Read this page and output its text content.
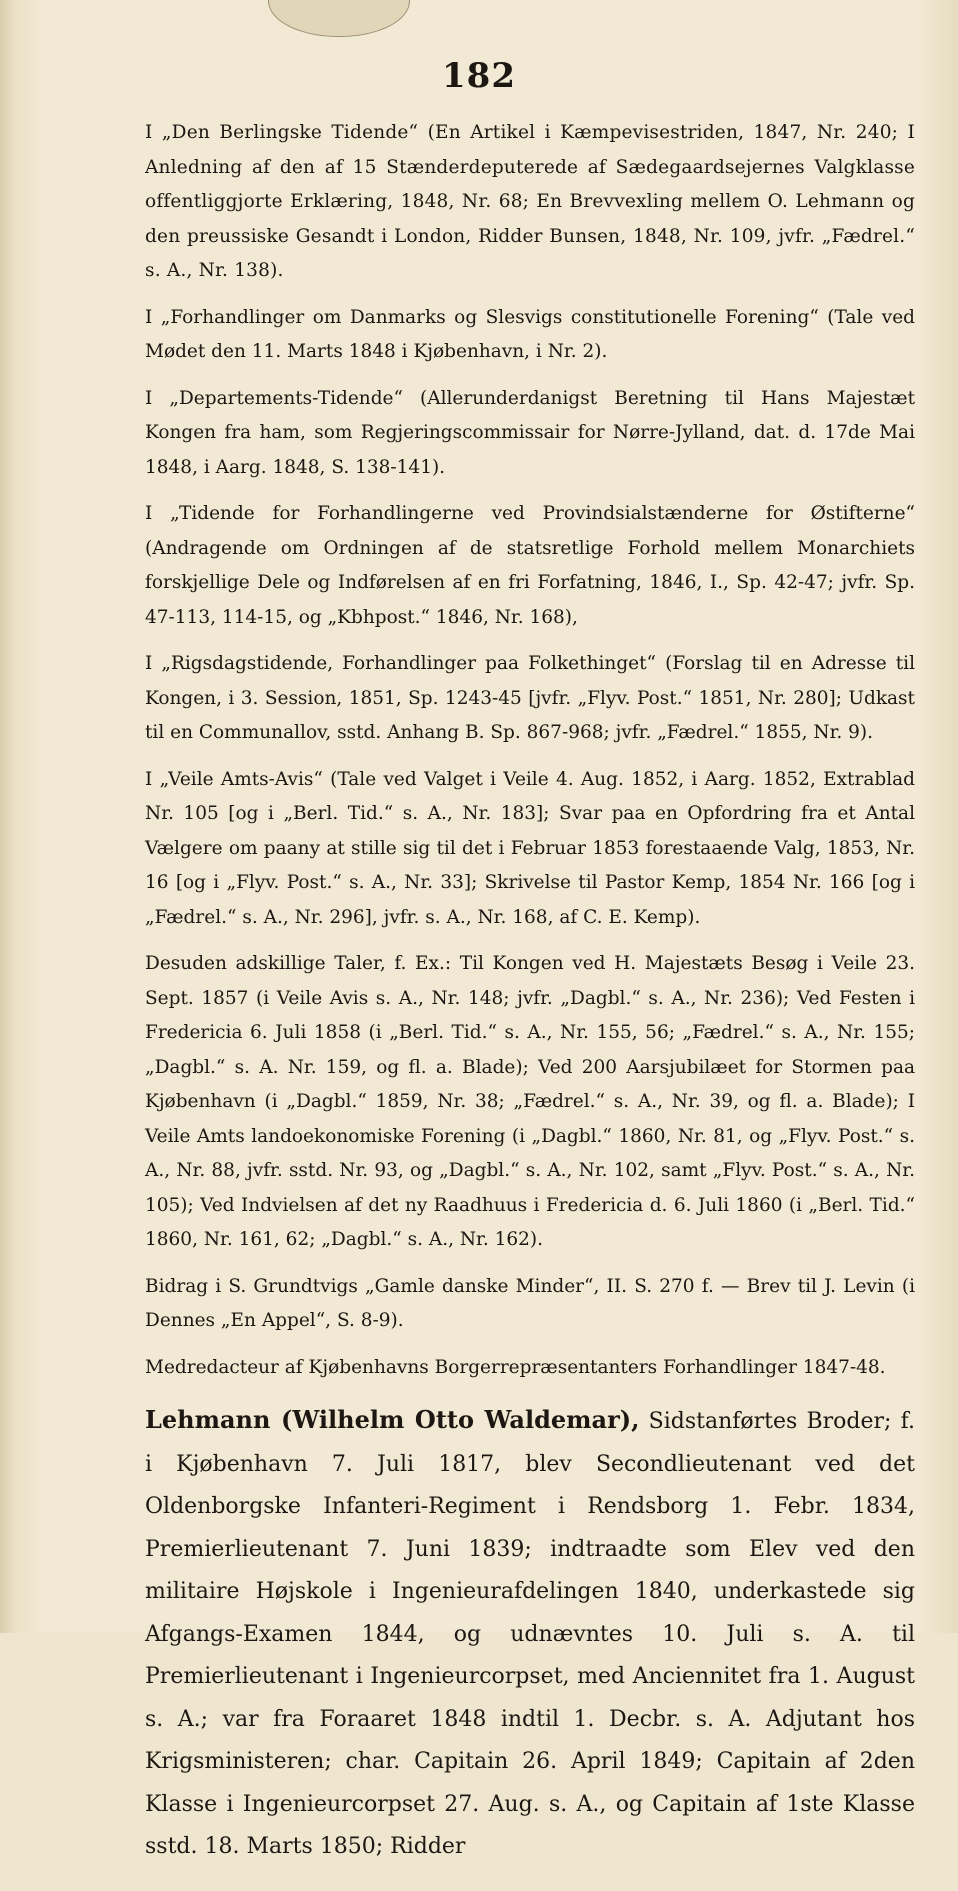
182

I „Den Berlingske Tidende“ (En Artikel i Kæmpevisestriden, 1847, Nr. 240; I Anledning af den af 15 Stænderdeputerede af Sædegaardsejernes Valgklasse offentliggjorte Erklæring, 1848, Nr. 68; En Brevvexling mellem O. Lehmann og den preussiske Gesandt i London, Ridder Bunsen, 1848, Nr. 109, jvfr. „Fædrel.“ s. A., Nr. 138).

I „Forhandlinger om Danmarks og Slesvigs constitutionelle Forening“ (Tale ved Mødet den 11. Marts 1848 i Kjøbenhavn, i Nr. 2).

I „Departements-Tidende“ (Allerunderdanigst Beretning til Hans Majestæt Kongen fra ham, som Regjeringscommissair for Nørre-Jylland, dat. d. 17de Mai 1848, i Aarg. 1848, S. 138-141).

I „Tidende for Forhandlingerne ved Provindsialstænderne for Østifterne“ (Andragende om Ordningen af de statsretlige Forhold mellem Monarchiets forskjellige Dele og Indførelsen af en fri Forfatning, 1846, I., Sp. 42-47; jvfr. Sp. 47-113, 114-15, og „Kbhpost.“ 1846, Nr. 168),

I „Rigsdagstidende, Forhandlinger paa Folkethinget“ (Forslag til en Adresse til Kongen, i 3. Session, 1851, Sp. 1243-45 [jvfr. „Flyv. Post.“ 1851, Nr. 280]; Udkast til en Communallov, sstd. Anhang B. Sp. 867-968; jvfr. „Fædrel.“ 1855, Nr. 9).

I „Veile Amts-Avis“ (Tale ved Valget i Veile 4. Aug. 1852, i Aarg. 1852, Extrablad Nr. 105 [og i „Berl. Tid.“ s. A., Nr. 183]; Svar paa en Opfordring fra et Antal Vælgere om paany at stille sig til det i Februar 1853 forestaaende Valg, 1853, Nr. 16 [og i „Flyv. Post.“ s. A., Nr. 33]; Skrivelse til Pastor Kemp, 1854 Nr. 166 [og i „Fædrel.“ s. A., Nr. 296], jvfr. s. A., Nr. 168, af C. E. Kemp).

Desuden adskillige Taler, f. Ex.: Til Kongen ved H. Majestæts Besøg i Veile 23. Sept. 1857 (i Veile Avis s. A., Nr. 148; jvfr. „Dagbl.“ s. A., Nr. 236); Ved Festen i Fredericia 6. Juli 1858 (i „Berl. Tid.“ s. A., Nr. 155, 56; „Fædrel.“ s. A., Nr. 155; „Dagbl.“ s. A. Nr. 159, og fl. a. Blade); Ved 200 Aarsjubilæet for Stormen paa Kjøbenhavn (i „Dagbl.“ 1859, Nr. 38; „Fædrel.“ s. A., Nr. 39, og fl. a. Blade); I Veile Amts landoekonomiske Forening (i „Dagbl.“ 1860, Nr. 81, og „Flyv. Post.“ s. A., Nr. 88, jvfr. sstd. Nr. 93, og „Dagbl.“ s. A., Nr. 102, samt „Flyv. Post.“ s. A., Nr. 105); Ved Indvielsen af det ny Raadhuus i Fredericia d. 6. Juli 1860 (i „Berl. Tid.“ 1860, Nr. 161, 62; „Dagbl.“ s. A., Nr. 162).

Bidrag i S. Grundtvigs „Gamle danske Minder“, II. S. 270 f. — Brev til J. Levin (i Dennes „En Appel“, S. 8-9).

Medredacteur af Kjøbenhavns Borgerrepræsentanters Forhandlinger 1847-48.

Lehmann (Wilhelm Otto Waldemar), Sidstanførtes Broder; f. i Kjøbenhavn 7. Juli 1817, blev Secondlieutenant ved det Oldenborgske Infanteri-Regiment i Rendsborg 1. Febr. 1834, Premierlieutenant 7. Juni 1839; indtraadte som Elev ved den militaire Højskole i Ingenieurafdelingen 1840, underkastede sig Afgangs-Examen 1844, og udnævntes 10. Juli s. A. til Premierlieutenant i Ingenieurcorpset, med Anciennitet fra 1. August s. A.; var fra Foraaret 1848 indtil 1. Decbr. s. A. Adjutant hos Krigsministeren; char. Capitain 26. April 1849; Capitain af 2den Klasse i Ingenieurcorpset 27. Aug. s. A., og Capitain af 1ste Klasse sstd. 18. Marts 1850; Ridder
